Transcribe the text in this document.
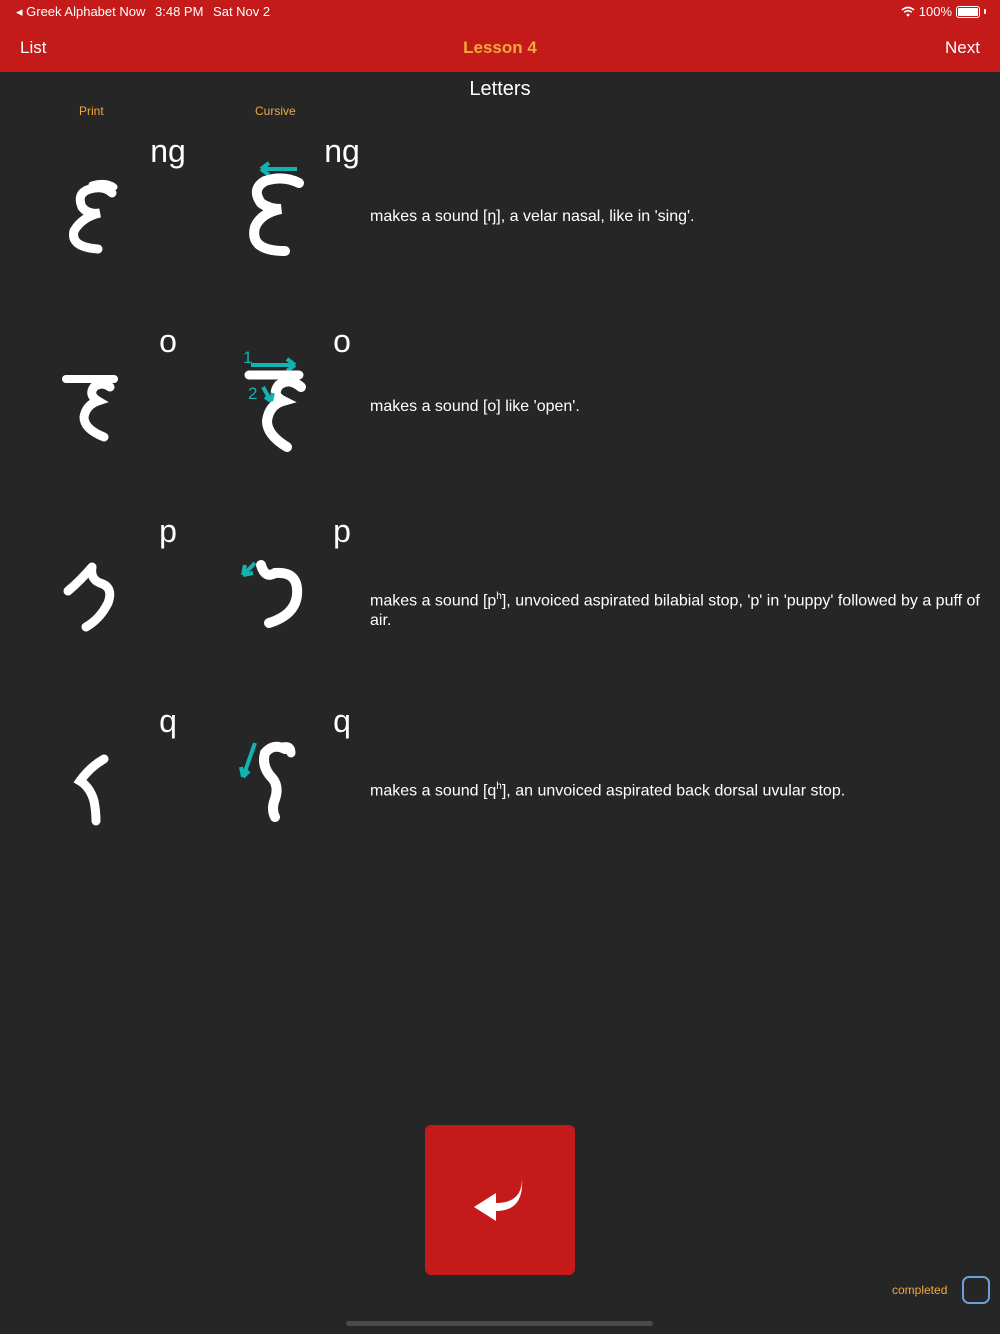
◂ Greek Alphabet Now 3:48 PM Sat Nov 2	100%
List	Lesson 4	Next
Letters
Print	Cursive
ng	ng
makes a sound [ŋ], a velar nasal, like in 'sing'.
o	o
1
2
makes a sound [o] like 'open'.
p	p
makes a sound $[p^h]$, unvoiced aspirated bilabial stop, 'p' in 'puppy' followed by a puff of air.
q	q
makes a sound $[q^h]$, an unvoiced aspirated back dorsal uvular stop.
completed
